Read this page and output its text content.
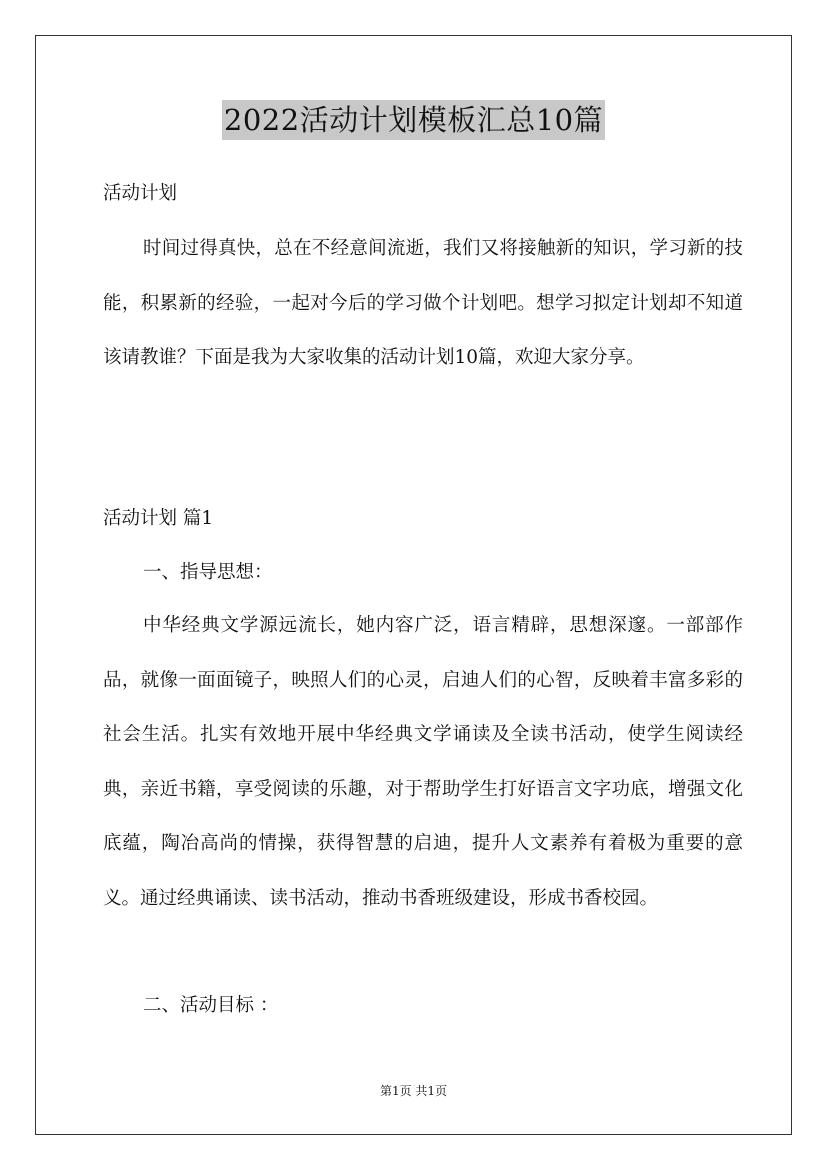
2022活动计划模板汇总10篇

活动计划

时间过得真快，总在不经意间流逝，我们又将接触新的知识，学习新的技能，积累新的经验，一起对今后的学习做个计划吧。想学习拟定计划却不知道该请教谁？下面是我为大家收集的活动计划10篇，欢迎大家分享。

活动计划 篇1

一、指导思想：

中华经典文学源远流长，她内容广泛，语言精辟，思想深邃。一部部作品，就像一面面镜子，映照人们的心灵，启迪人们的心智，反映着丰富多彩的社会生活。扎实有效地开展中华经典文学诵读及全读书活动，使学生阅读经典，亲近书籍，享受阅读的乐趣，对于帮助学生打好语言文字功底，增强文化底蕴，陶冶高尚的情操，获得智慧的启迪，提升人文素养有着极为重要的意义。通过经典诵读、读书活动，推动书香班级建设，形成书香校园。

二、活动目标 ：

第1页 共1页
